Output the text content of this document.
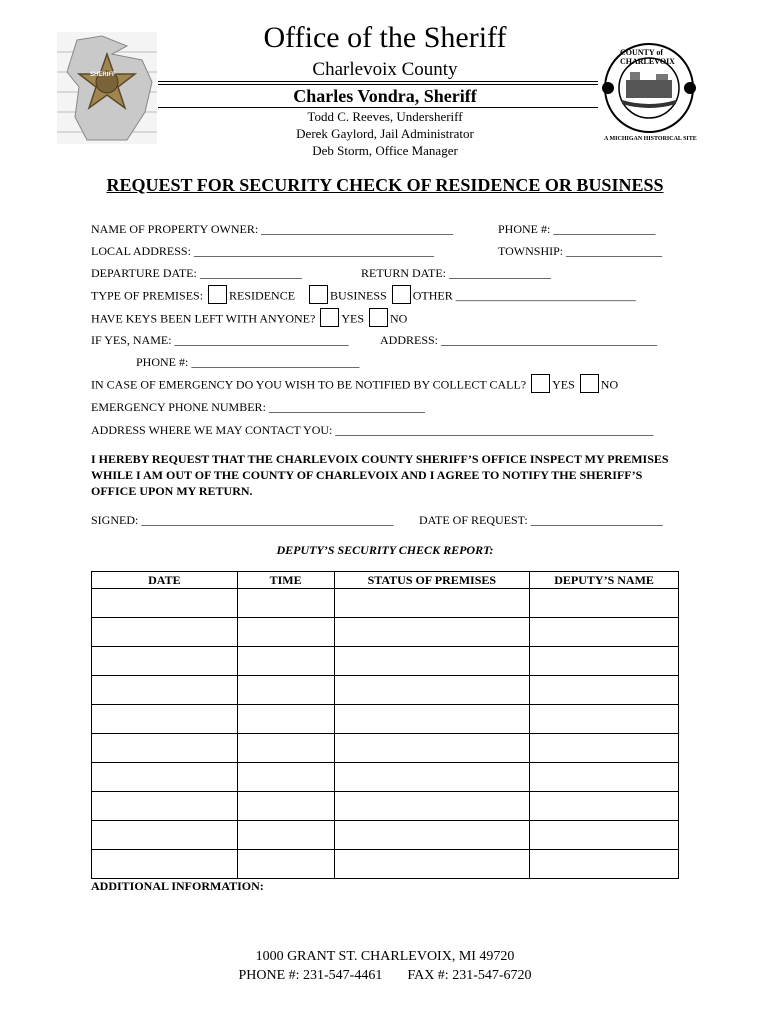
SHERIFF
COUNTY of CHARLEVOIX
A MICHIGAN HISTORICAL SITE
Office of the Sheriff
Charlevoix County
Charles Vondra, Sheriff
Todd C. Reeves, Undersheriff
Derek Gaylord, Jail Administrator
Deb Storm, Office Manager
REQUEST FOR SECURITY CHECK OF RESIDENCE OR BUSINESS
NAME OF PROPERTY OWNER: ________________________________	PHONE #: _________________
LOCAL ADDRESS: ________________________________________	TOWNSHIP: ________________
DEPARTURE DATE: _________________	RETURN DATE: _________________
TYPE OF PREMISES: RESIDENCE	BUSINESS OTHER ______________________________
HAVE KEYS BEEN LEFT WITH ANYONE? YES NO
IF YES, NAME: _____________________________	ADDRESS: ____________________________________
PHONE #: ____________________________
IN CASE OF EMERGENCY DO YOU WISH TO BE NOTIFIED BY COLLECT CALL? YES NO
EMERGENCY PHONE NUMBER: __________________________
ADDRESS WHERE WE MAY CONTACT YOU: _____________________________________________________
I HEREBY REQUEST THAT THE CHARLEVOIX COUNTY SHERIFF’S OFFICE INSPECT MY PREMISES WHILE I AM OUT OF THE COUNTY OF CHARLEVOIX AND I AGREE TO NOTIFY THE SHERIFF’S OFFICE UPON MY RETURN.
SIGNED: __________________________________________ DATE OF REQUEST: ______________________
DEPUTY’S SECURITY CHECK REPORT:
DATE	TIME	STATUS OF PREMISES	DEPUTY’S NAME

ADDITIONAL INFORMATION:
1000 GRANT ST. CHARLEVOIX, MI 49720
PHONE #: 231-547-4461 FAX #: 231-547-6720
